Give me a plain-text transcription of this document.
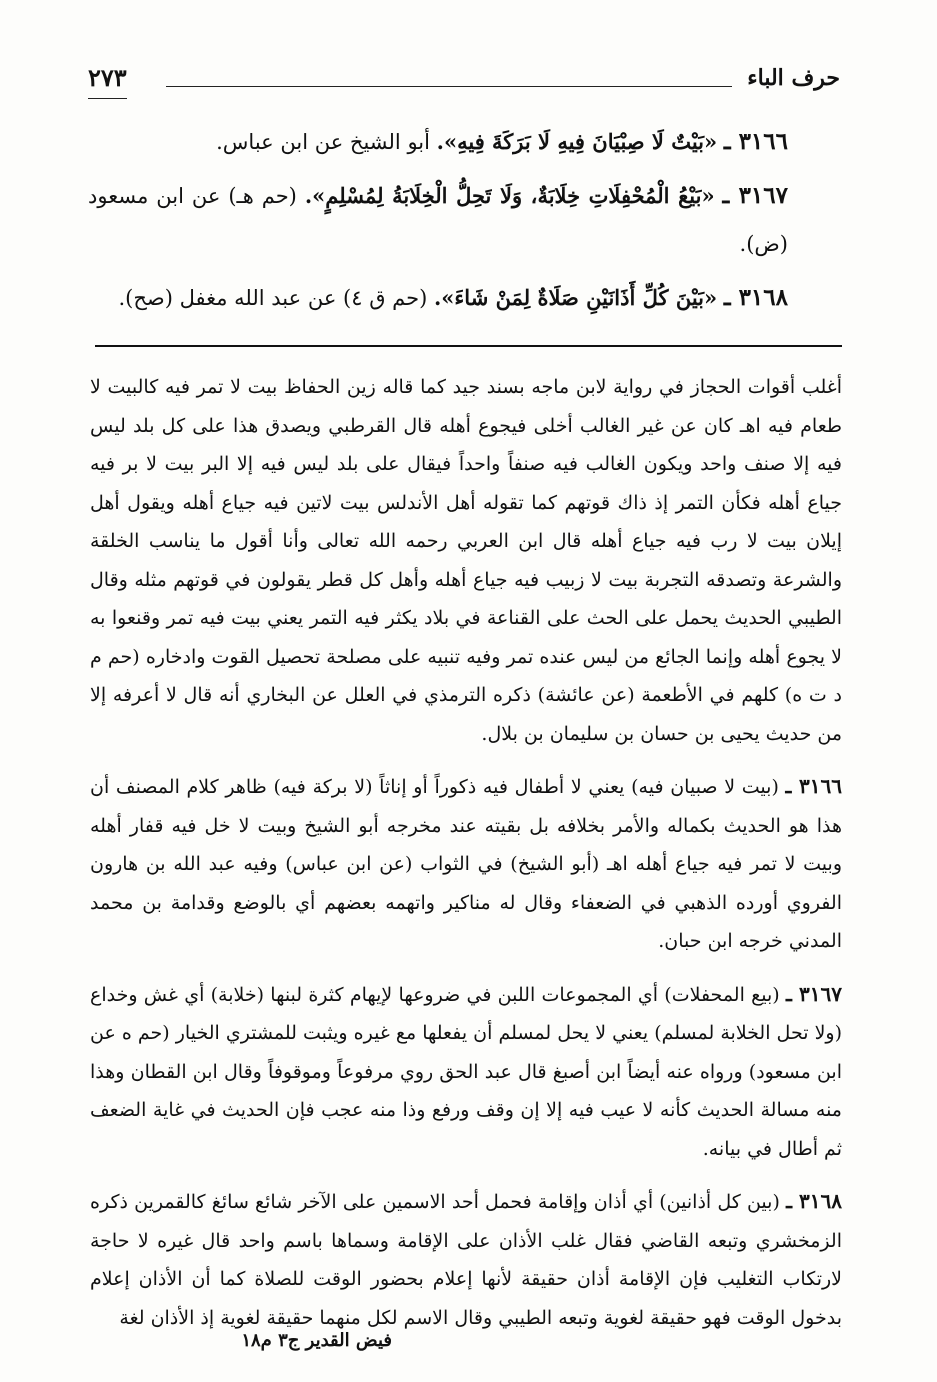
حرف الباء
٢٧٣

٣١٦٦ ـ «بَيْتٌ لَا صِبْيَانَ فِيهِ لَا بَرَكَةَ فِيهِ». أبو الشيخ عن ابن عباس.

٣١٦٧ ـ «بَيْعُ الْمُحْفِلَاتِ خِلَابَةٌ، وَلَا تَحِلُّ الْخِلَابَةُ لِمُسْلِمٍ». (حم هـ) عن ابن مسعود (ض).

٣١٦٨ ـ «بَيْنَ كُلِّ أَذَانَيْنِ صَلَاةٌ لِمَنْ شَاءَ». (حم ق ٤) عن عبد الله مغفل (صح).

أغلب أقوات الحجاز في رواية لابن ماجه بسند جيد كما قاله زين الحفاظ بيت لا تمر فيه كالبيت لا طعام فيه اهـ كان عن غير الغالب أخلى فيجوع أهله قال القرطبي ويصدق هذا على كل بلد ليس فيه إلا صنف واحد ويكون الغالب فيه صنفاً واحداً فيقال على بلد ليس فيه إلا البر بيت لا بر فيه جياع أهله فكأن التمر إذ ذاك قوتهم كما تقوله أهل الأندلس بيت لاتين فيه جياع أهله ويقول أهل إيلان بيت لا رب فيه جياع أهله قال ابن العربي رحمه الله تعالى وأنا أقول ما يناسب الخلقة والشرعة وتصدقه التجربة بيت لا زبيب فيه جياع أهله وأهل كل قطر يقولون في قوتهم مثله وقال الطيبي الحديث يحمل على الحث على القناعة في بلاد يكثر فيه التمر يعني بيت فيه تمر وقنعوا به لا يجوع أهله وإنما الجائع من ليس عنده تمر وفيه تنبيه على مصلحة تحصيل القوت وادخاره (حم م د ت ه) كلهم في الأطعمة (عن عائشة) ذكره الترمذي في العلل عن البخاري أنه قال لا أعرفه إلا من حديث يحيى بن حسان بن سليمان بن بلال.

٣١٦٦ ـ (بيت لا صبيان فيه) يعني لا أطفال فيه ذكوراً أو إناثاً (لا بركة فيه) ظاهر كلام المصنف أن هذا هو الحديث بكماله والأمر بخلافه بل بقيته عند مخرجه أبو الشيخ وبيت لا خل فيه قفار أهله وبيت لا تمر فيه جياع أهله اهـ (أبو الشيخ) في الثواب (عن ابن عباس) وفيه عبد الله بن هارون الفروي أورده الذهبي في الضعفاء وقال له مناكير واتهمه بعضهم أي بالوضع وقدامة بن محمد المدني خرجه ابن حبان.

٣١٦٧ ـ (بيع المحفلات) أي المجموعات اللبن في ضروعها لإيهام كثرة لبنها (خلابة) أي غش وخداع (ولا تحل الخلابة لمسلم) يعني لا يحل لمسلم أن يفعلها مع غيره ويثبت للمشتري الخيار (حم ه عن ابن مسعود) ورواه عنه أيضاً ابن أصبغ قال عبد الحق روي مرفوعاً وموقوفاً وقال ابن القطان وهذا منه مسالة الحديث كأنه لا عيب فيه إلا إن وقف ورفع وذا منه عجب فإن الحديث في غاية الضعف ثم أطال في بيانه.

٣١٦٨ ـ (بين كل أذانين) أي أذان وإقامة فحمل أحد الاسمين على الآخر شائع سائغ كالقمرين ذكره الزمخشري وتبعه القاضي فقال غلب الأذان على الإقامة وسماها باسم واحد قال غيره لا حاجة لارتكاب التغليب فإن الإقامة أذان حقيقة لأنها إعلام بحضور الوقت للصلاة كما أن الأذان إعلام بدخول الوقت فهو حقيقة لغوية وتبعه الطيبي وقال الاسم لكل منهما حقيقة لغوية إذ الأذان لغة

فيض القدير ج٣ م١٨
